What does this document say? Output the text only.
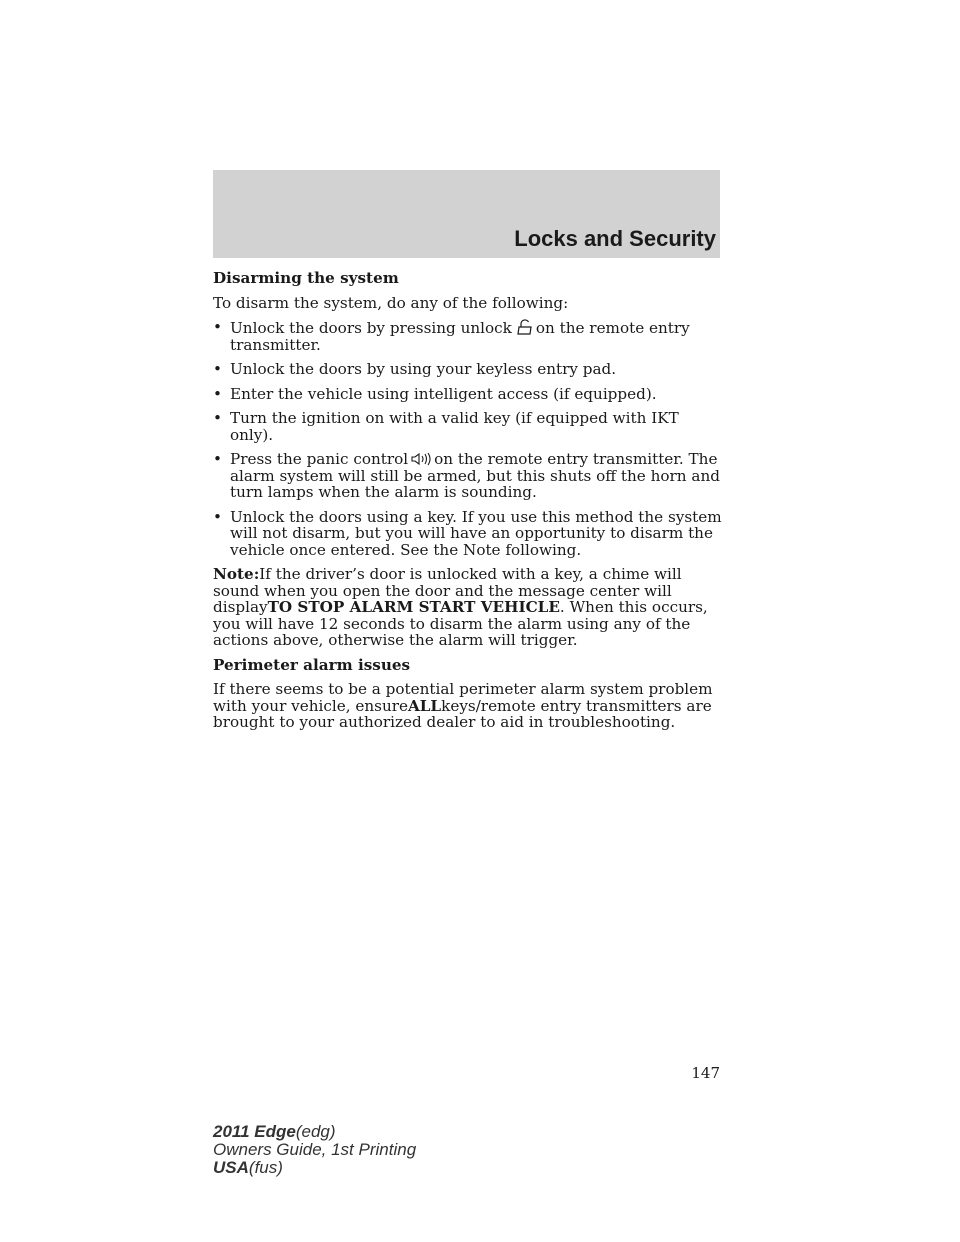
Locks and Security

Disarming the system

To disarm the system, do any of the following:

• Unlock the doors by pressing unlock on the remote entry transmitter.
• Unlock the doors by using your keyless entry pad.
• Enter the vehicle using intelligent access (if equipped).
• Turn the ignition on with a valid key (if equipped with IKT only).
• Press the panic control on the remote entry transmitter. The alarm system will still be armed, but this shuts off the horn and turn lamps when the alarm is sounding.
• Unlock the doors using a key. If you use this method the system will not disarm, but you will have an opportunity to disarm the vehicle once entered. See the Note following.

Note:If the driver’s door is unlocked with a key, a chime will sound when you open the door and the message center will displayTO STOP ALARM START VEHICLE. When this occurs, you will have 12 seconds to disarm the alarm using any of the actions above, otherwise the alarm will trigger.

Perimeter alarm issues

If there seems to be a potential perimeter alarm system problem with your vehicle, ensureALLkeys/remote entry transmitters are brought to your authorized dealer to aid in troubleshooting.

147
2011 Edge(edg)
Owners Guide, 1st Printing
USA(fus)
